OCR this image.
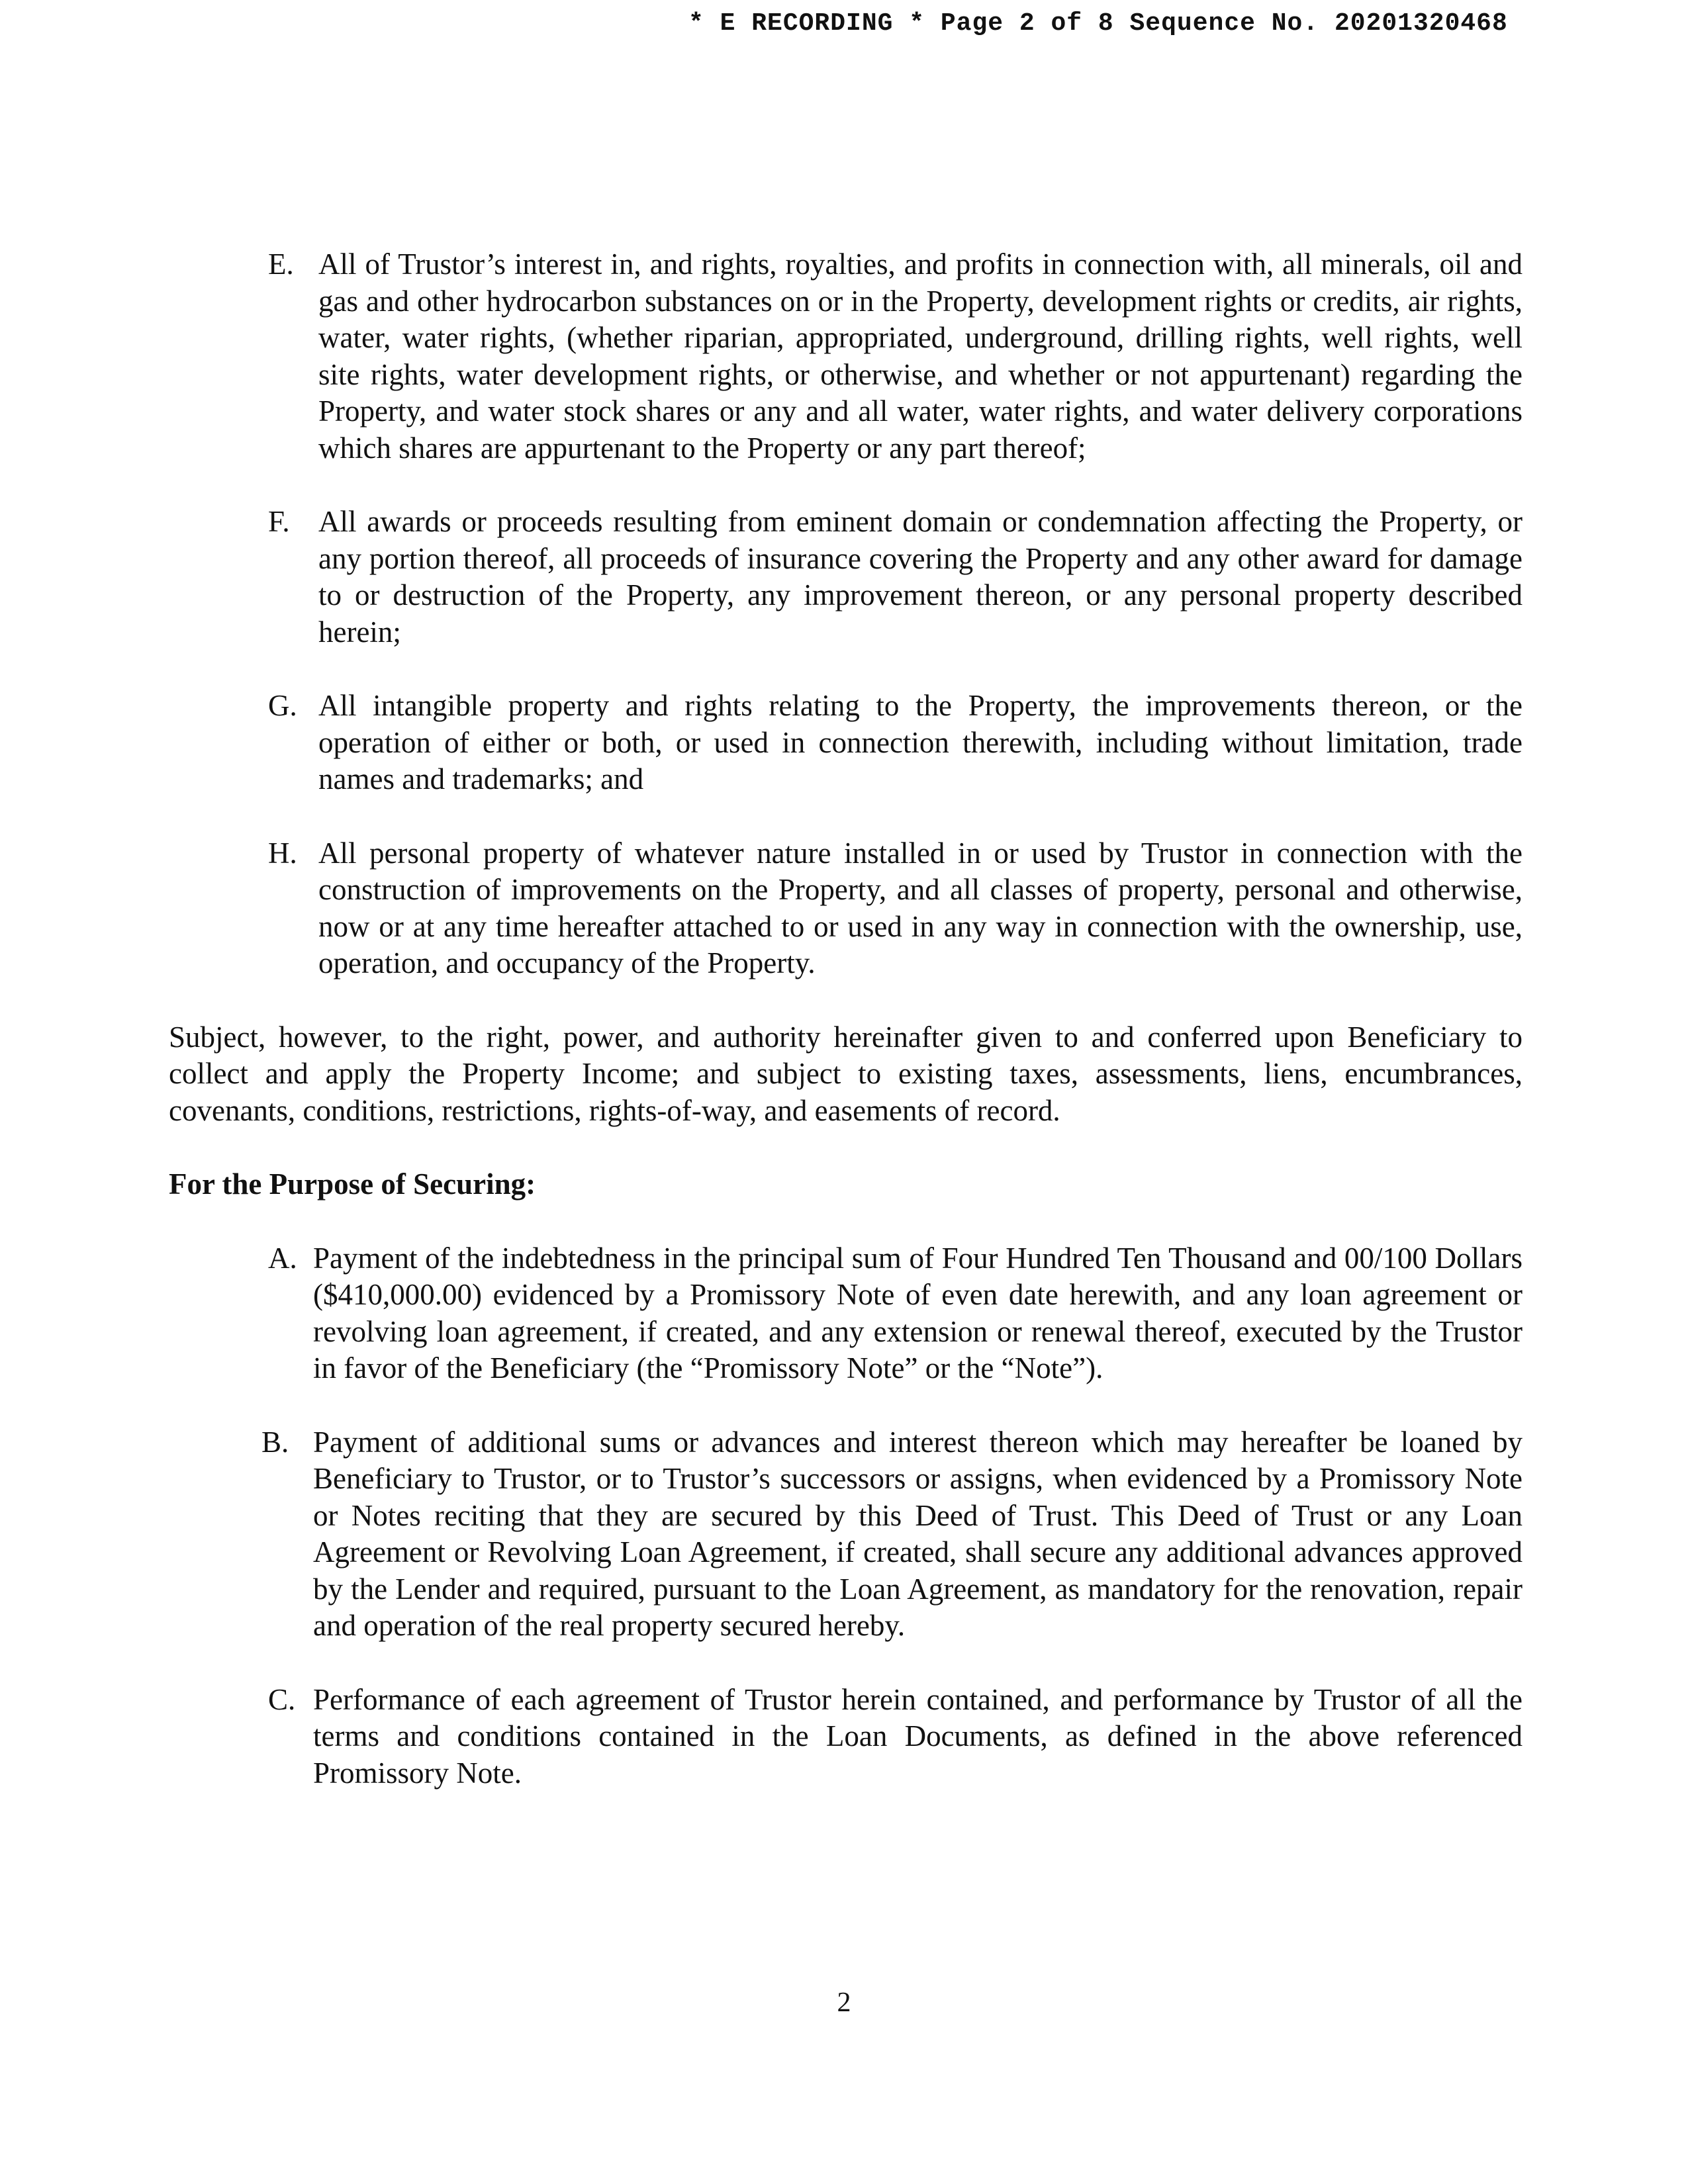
* E RECORDING * Page 2 of 8 Sequence No. 20201320468
E. All of Trustor’s interest in, and rights, royalties, and profits in connection with, all minerals, oil and gas and other hydrocarbon substances on or in the Property, development rights or credits, air rights, water, water rights, (whether riparian, appropriated, underground, drilling rights, well rights, well site rights, water development rights, or otherwise, and whether or not appurtenant) regarding the Property, and water stock shares or any and all water, water rights, and water delivery corporations which shares are appurtenant to the Property or any part thereof;
F. All awards or proceeds resulting from eminent domain or condemnation affecting the Property, or any portion thereof, all proceeds of insurance covering the Property and any other award for damage to or destruction of the Property, any improvement thereon, or any personal property described herein;
G. All intangible property and rights relating to the Property, the improvements thereon, or the operation of either or both, or used in connection therewith, including without limitation, trade names and trademarks; and
H. All personal property of whatever nature installed in or used by Trustor in connection with the construction of improvements on the Property, and all classes of property, personal and otherwise, now or at any time hereafter attached to or used in any way in connection with the ownership, use, operation, and occupancy of the Property.
Subject, however, to the right, power, and authority hereinafter given to and conferred upon Beneficiary to collect and apply the Property Income; and subject to existing taxes, assessments, liens, encumbrances, covenants, conditions, restrictions, rights-of-way, and easements of record.
For the Purpose of Securing:
A. Payment of the indebtedness in the principal sum of Four Hundred Ten Thousand and 00/100 Dollars ($410,000.00) evidenced by a Promissory Note of even date herewith, and any loan agreement or revolving loan agreement, if created, and any extension or renewal thereof, executed by the Trustor in favor of the Beneficiary (the “Promissory Note” or the “Note”).
B. Payment of additional sums or advances and interest thereon which may hereafter be loaned by Beneficiary to Trustor, or to Trustor’s successors or assigns, when evidenced by a Promissory Note or Notes reciting that they are secured by this Deed of Trust. This Deed of Trust or any Loan Agreement or Revolving Loan Agreement, if created, shall secure any additional advances approved by the Lender and required, pursuant to the Loan Agreement, as mandatory for the renovation, repair and operation of the real property secured hereby.
C. Performance of each agreement of Trustor herein contained, and performance by Trustor of all the terms and conditions contained in the Loan Documents, as defined in the above referenced Promissory Note.
2
